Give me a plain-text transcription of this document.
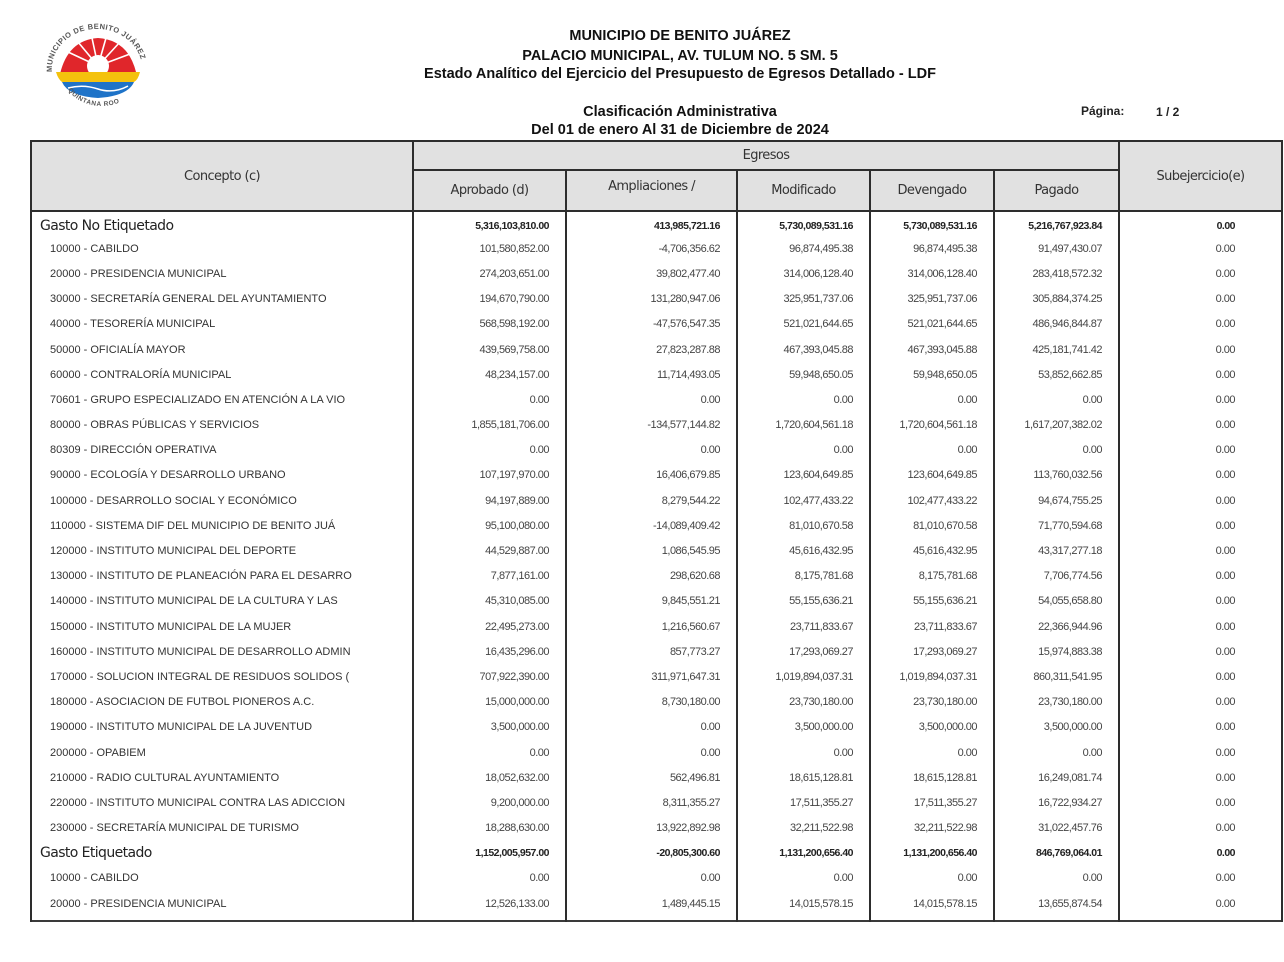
MUNICIPIO DE BENITO JUÁREZ
QUINTANA ROO
MUNICIPIO DE BENITO JUÁREZ
PALACIO MUNICIPAL, AV. TULUM NO. 5 SM. 5
Estado Analítico del Ejercicio del Presupuesto de Egresos Detallado - LDF
Clasificación Administrativa
Del 01 de enero Al 31 de Diciembre de 2024
Página:	1 / 2
Concepto (c)	Egresos					Subejercicio(e)
	Aprobado (d)	Ampliaciones /	Modificado	Devengado	Pagado	
Gasto No Etiquetado	5,316,103,810.00	413,985,721.16	5,730,089,531.16	5,730,089,531.16	5,216,767,923.84	0.00
10000 - CABILDO	101,580,852.00	-4,706,356.62	96,874,495.38	96,874,495.38	91,497,430.07	0.00
20000 - PRESIDENCIA MUNICIPAL	274,203,651.00	39,802,477.40	314,006,128.40	314,006,128.40	283,418,572.32	0.00
30000 - SECRETARÍA GENERAL DEL AYUNTAMIENTO	194,670,790.00	131,280,947.06	325,951,737.06	325,951,737.06	305,884,374.25	0.00
40000 - TESORERÍA MUNICIPAL	568,598,192.00	-47,576,547.35	521,021,644.65	521,021,644.65	486,946,844.87	0.00
50000 - OFICIALÍA MAYOR	439,569,758.00	27,823,287.88	467,393,045.88	467,393,045.88	425,181,741.42	0.00
60000 - CONTRALORÍA MUNICIPAL	48,234,157.00	11,714,493.05	59,948,650.05	59,948,650.05	53,852,662.85	0.00
70601 - GRUPO ESPECIALIZADO EN ATENCIÓN A LA VIO	0.00	0.00	0.00	0.00	0.00	0.00
80000 - OBRAS PÚBLICAS Y SERVICIOS	1,855,181,706.00	-134,577,144.82	1,720,604,561.18	1,720,604,561.18	1,617,207,382.02	0.00
80309 - DIRECCIÓN OPERATIVA	0.00	0.00	0.00	0.00	0.00	0.00
90000 - ECOLOGÍA Y DESARROLLO URBANO	107,197,970.00	16,406,679.85	123,604,649.85	123,604,649.85	113,760,032.56	0.00
100000 - DESARROLLO SOCIAL Y ECONÓMICO	94,197,889.00	8,279,544.22	102,477,433.22	102,477,433.22	94,674,755.25	0.00
110000 - SISTEMA DIF DEL MUNICIPIO DE BENITO JUÁ	95,100,080.00	-14,089,409.42	81,010,670.58	81,010,670.58	71,770,594.68	0.00
120000 - INSTITUTO MUNICIPAL DEL DEPORTE	44,529,887.00	1,086,545.95	45,616,432.95	45,616,432.95	43,317,277.18	0.00
130000 - INSTITUTO DE PLANEACIÓN PARA EL DESARRO	7,877,161.00	298,620.68	8,175,781.68	8,175,781.68	7,706,774.56	0.00
140000 - INSTITUTO MUNICIPAL DE LA CULTURA Y LAS	45,310,085.00	9,845,551.21	55,155,636.21	55,155,636.21	54,055,658.80	0.00
150000 - INSTITUTO MUNICIPAL DE LA MUJER	22,495,273.00	1,216,560.67	23,711,833.67	23,711,833.67	22,366,944.96	0.00
160000 - INSTITUTO MUNICIPAL DE DESARROLLO ADMIN	16,435,296.00	857,773.27	17,293,069.27	17,293,069.27	15,974,883.38	0.00
170000 - SOLUCION INTEGRAL DE RESIDUOS SOLIDOS (	707,922,390.00	311,971,647.31	1,019,894,037.31	1,019,894,037.31	860,311,541.95	0.00
180000 - ASOCIACION DE FUTBOL PIONEROS A.C.	15,000,000.00	8,730,180.00	23,730,180.00	23,730,180.00	23,730,180.00	0.00
190000 - INSTITUTO MUNICIPAL DE LA JUVENTUD	3,500,000.00	0.00	3,500,000.00	3,500,000.00	3,500,000.00	0.00
200000 - OPABIEM	0.00	0.00	0.00	0.00	0.00	0.00
210000 - RADIO CULTURAL AYUNTAMIENTO	18,052,632.00	562,496.81	18,615,128.81	18,615,128.81	16,249,081.74	0.00
220000 - INSTITUTO MUNICIPAL CONTRA LAS ADICCION	9,200,000.00	8,311,355.27	17,511,355.27	17,511,355.27	16,722,934.27	0.00
230000 - SECRETARÍA MUNICIPAL DE TURISMO	18,288,630.00	13,922,892.98	32,211,522.98	32,211,522.98	31,022,457.76	0.00
Gasto Etiquetado	1,152,005,957.00	-20,805,300.60	1,131,200,656.40	1,131,200,656.40	846,769,064.01	0.00
10000 - CABILDO	0.00	0.00	0.00	0.00	0.00	0.00
20000 - PRESIDENCIA MUNICIPAL	12,526,133.00	1,489,445.15	14,015,578.15	14,015,578.15	13,655,874.54	0.00
